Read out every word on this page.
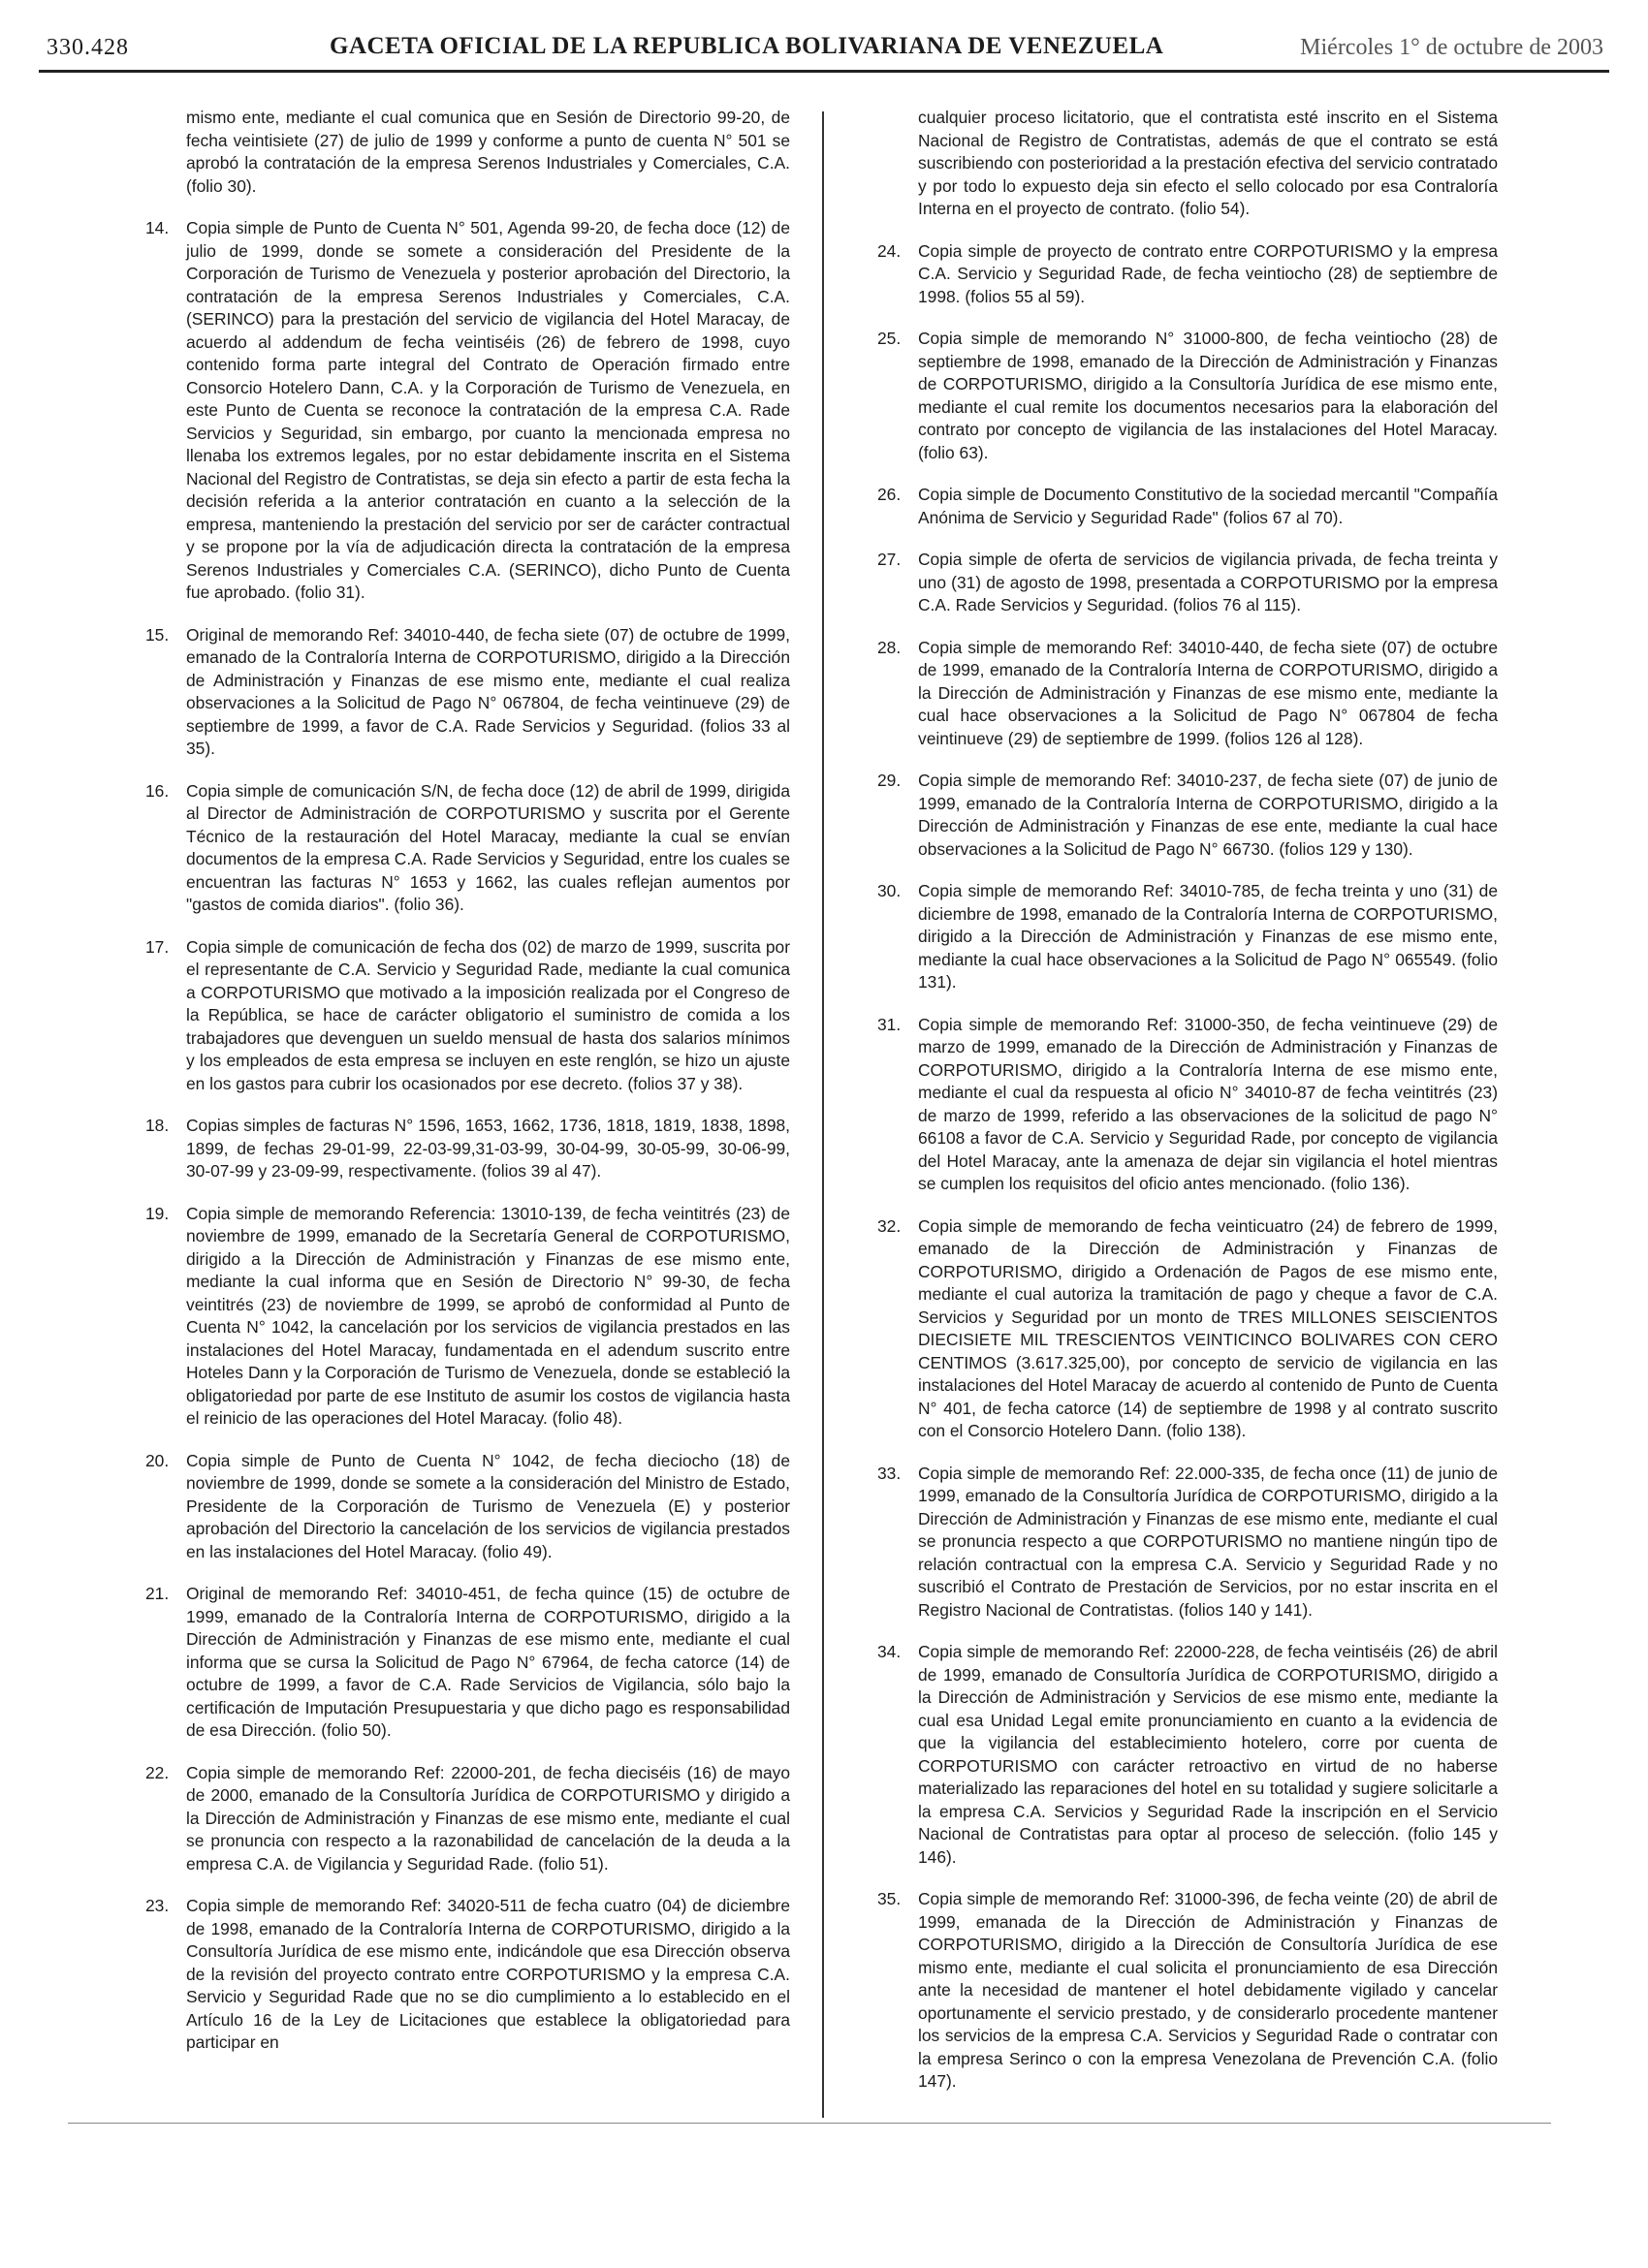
330.428	GACETA OFICIAL DE LA REPUBLICA BOLIVARIANA DE VENEZUELA	Miércoles 1° de octubre de 2003

mismo ente, mediante el cual comunica que en Sesión de Directorio 99-20, de fecha veintisiete (27) de julio de 1999 y conforme a punto de cuenta N° 501 se aprobó la contratación de la empresa Serenos Industriales y Comerciales, C.A. (folio 30).

14.	Copia simple de Punto de Cuenta N° 501, Agenda 99-20, de fecha doce (12) de julio de 1999, donde se somete a consideración del Presidente de la Corporación de Turismo de Venezuela y posterior aprobación del Directorio, la contratación de la empresa Serenos Industriales y Comerciales, C.A. (SERINCO) para la prestación del servicio de vigilancia del Hotel Maracay, de acuerdo al addendum de fecha veintiséis (26) de febrero de 1998, cuyo contenido forma parte integral del Contrato de Operación firmado entre Consorcio Hotelero Dann, C.A. y la Corporación de Turismo de Venezuela, en este Punto de Cuenta se reconoce la contratación de la empresa C.A. Rade Servicios y Seguridad, sin embargo, por cuanto la mencionada empresa no llenaba los extremos legales, por no estar debidamente inscrita en el Sistema Nacional del Registro de Contratistas, se deja sin efecto a partir de esta fecha la decisión referida a la anterior contratación en cuanto a la selección de la empresa, manteniendo la prestación del servicio por ser de carácter contractual y se propone por la vía de adjudicación directa la contratación de la empresa Serenos Industriales y Comerciales C.A. (SERINCO), dicho Punto de Cuenta fue aprobado. (folio 31).
15.	Original de memorando Ref: 34010-440, de fecha siete (07) de octubre de 1999, emanado de la Contraloría Interna de CORPOTURISMO, dirigido a la Dirección de Administración y Finanzas de ese mismo ente, mediante el cual realiza observaciones a la Solicitud de Pago N° 067804, de fecha veintinueve (29) de septiembre de 1999, a favor de C.A. Rade Servicios y Seguridad. (folios 33 al 35).
16.	Copia simple de comunicación S/N, de fecha doce (12) de abril de 1999, dirigida al Director de Administración de CORPOTURISMO y suscrita por el Gerente Técnico de la restauración del Hotel Maracay, mediante la cual se envían documentos de la empresa C.A. Rade Servicios y Seguridad, entre los cuales se encuentran las facturas N° 1653 y 1662, las cuales reflejan aumentos por "gastos de comida diarios". (folio 36).
17.	Copia simple de comunicación de fecha dos (02) de marzo de 1999, suscrita por el representante de C.A. Servicio y Seguridad Rade, mediante la cual comunica a CORPOTURISMO que motivado a la imposición realizada por el Congreso de la República, se hace de carácter obligatorio el suministro de comida a los trabajadores que devenguen un sueldo mensual de hasta dos salarios mínimos y los empleados de esta empresa se incluyen en este renglón, se hizo un ajuste en los gastos para cubrir los ocasionados por ese decreto. (folios 37 y 38).
18.	Copias simples de facturas N° 1596, 1653, 1662, 1736, 1818, 1819, 1838, 1898, 1899, de fechas 29-01-99, 22-03-99,31-03-99, 30-04-99, 30-05-99, 30-06-99, 30-07-99 y 23-09-99, respectivamente. (folios 39 al 47).
19.	Copia simple de memorando Referencia: 13010-139, de fecha veintitrés (23) de noviembre de 1999, emanado de la Secretaría General de CORPOTURISMO, dirigido a la Dirección de Administración y Finanzas de ese mismo ente, mediante la cual informa que en Sesión de Directorio N° 99-30, de fecha veintitrés (23) de noviembre de 1999, se aprobó de conformidad al Punto de Cuenta N° 1042, la cancelación por los servicios de vigilancia prestados en las instalaciones del Hotel Maracay, fundamentada en el adendum suscrito entre Hoteles Dann y la Corporación de Turismo de Venezuela, donde se estableció la obligatoriedad por parte de ese Instituto de asumir los costos de vigilancia hasta el reinicio de las operaciones del Hotel Maracay. (folio 48).
20.	Copia simple de Punto de Cuenta N° 1042, de fecha dieciocho (18) de noviembre de 1999, donde se somete a la consideración del Ministro de Estado, Presidente de la Corporación de Turismo de Venezuela (E) y posterior aprobación del Directorio la cancelación de los servicios de vigilancia prestados en las instalaciones del Hotel Maracay. (folio 49).
21.	Original de memorando Ref: 34010-451, de fecha quince (15) de octubre de 1999, emanado de la Contraloría Interna de CORPOTURISMO, dirigido a la Dirección de Administración y Finanzas de ese mismo ente, mediante el cual informa que se cursa la Solicitud de Pago N° 67964, de fecha catorce (14) de octubre de 1999, a favor de C.A. Rade Servicios de Vigilancia, sólo bajo la certificación de Imputación Presupuestaria y que dicho pago es responsabilidad de esa Dirección. (folio 50).
22.	Copia simple de memorando Ref: 22000-201, de fecha dieciséis (16) de mayo de 2000, emanado de la Consultoría Jurídica de CORPOTURISMO y dirigido a la Dirección de Administración y Finanzas de ese mismo ente, mediante el cual se pronuncia con respecto a la razonabilidad de cancelación de la deuda a la empresa C.A. de Vigilancia y Seguridad Rade. (folio 51).
23.	Copia simple de memorando Ref: 34020-511 de fecha cuatro (04) de diciembre de 1998, emanado de la Contraloría Interna de CORPOTURISMO, dirigido a la Consultoría Jurídica de ese mismo ente, indicándole que esa Dirección observa de la revisión del proyecto contrato entre CORPOTURISMO y la empresa C.A. Servicio y Seguridad Rade que no se dio cumplimiento a lo establecido en el Artículo 16 de la Ley de Licitaciones que establece la obligatoriedad para participar en

cualquier proceso licitatorio, que el contratista esté inscrito en el Sistema Nacional de Registro de Contratistas, además de que el contrato se está suscribiendo con posterioridad a la prestación efectiva del servicio contratado y por todo lo expuesto deja sin efecto el sello colocado por esa Contraloría Interna en el proyecto de contrato. (folio 54).

24.	Copia simple de proyecto de contrato entre CORPOTURISMO y la empresa C.A. Servicio y Seguridad Rade, de fecha veintiocho (28) de septiembre de 1998. (folios 55 al 59).
25.	Copia simple de memorando N° 31000-800, de fecha veintiocho (28) de septiembre de 1998, emanado de la Dirección de Administración y Finanzas de CORPOTURISMO, dirigido a la Consultoría Jurídica de ese mismo ente, mediante el cual remite los documentos necesarios para la elaboración del contrato por concepto de vigilancia de las instalaciones del Hotel Maracay. (folio 63).
26.	Copia simple de Documento Constitutivo de la sociedad mercantil "Compañía Anónima de Servicio y Seguridad Rade" (folios 67 al 70).
27.	Copia simple de oferta de servicios de vigilancia privada, de fecha treinta y uno (31) de agosto de 1998, presentada a CORPOTURISMO por la empresa C.A. Rade Servicios y Seguridad. (folios 76 al 115).
28.	Copia simple de memorando Ref: 34010-440, de fecha siete (07) de octubre de 1999, emanado de la Contraloría Interna de CORPOTURISMO, dirigido a la Dirección de Administración y Finanzas de ese mismo ente, mediante la cual hace observaciones a la Solicitud de Pago N° 067804 de fecha veintinueve (29) de septiembre de 1999. (folios 126 al 128).
29.	Copia simple de memorando Ref: 34010-237, de fecha siete (07) de junio de 1999, emanado de la Contraloría Interna de CORPOTURISMO, dirigido a la Dirección de Administración y Finanzas de ese ente, mediante la cual hace observaciones a la Solicitud de Pago N° 66730. (folios 129 y 130).
30.	Copia simple de memorando Ref: 34010-785, de fecha treinta y uno (31) de diciembre de 1998, emanado de la Contraloría Interna de CORPOTURISMO, dirigido a la Dirección de Administración y Finanzas de ese mismo ente, mediante la cual hace observaciones a la Solicitud de Pago N° 065549. (folio 131).
31.	Copia simple de memorando Ref: 31000-350, de fecha veintinueve (29) de marzo de 1999, emanado de la Dirección de Administración y Finanzas de CORPOTURISMO, dirigido a la Contraloría Interna de ese mismo ente, mediante el cual da respuesta al oficio N° 34010-87 de fecha veintitrés (23) de marzo de 1999, referido a las observaciones de la solicitud de pago N° 66108 a favor de C.A. Servicio y Seguridad Rade, por concepto de vigilancia del Hotel Maracay, ante la amenaza de dejar sin vigilancia el hotel mientras se cumplen los requisitos del oficio antes mencionado. (folio 136).
32.	Copia simple de memorando de fecha veinticuatro (24) de febrero de 1999, emanado de la Dirección de Administración y Finanzas de CORPOTURISMO, dirigido a Ordenación de Pagos de ese mismo ente, mediante el cual autoriza la tramitación de pago y cheque a favor de C.A. Servicios y Seguridad por un monto de TRES MILLONES SEISCIENTOS DIECISIETE MIL TRESCIENTOS VEINTICINCO BOLIVARES CON CERO CENTIMOS (3.617.325,00), por concepto de servicio de vigilancia en las instalaciones del Hotel Maracay de acuerdo al contenido de Punto de Cuenta N° 401, de fecha catorce (14) de septiembre de 1998 y al contrato suscrito con el Consorcio Hotelero Dann. (folio 138).
33.	Copia simple de memorando Ref: 22.000-335, de fecha once (11) de junio de 1999, emanado de la Consultoría Jurídica de CORPOTURISMO, dirigido a la Dirección de Administración y Finanzas de ese mismo ente, mediante el cual se pronuncia respecto a que CORPOTURISMO no mantiene ningún tipo de relación contractual con la empresa C.A. Servicio y Seguridad Rade y no suscribió el Contrato de Prestación de Servicios, por no estar inscrita en el Registro Nacional de Contratistas. (folios 140 y 141).
34.	Copia simple de memorando Ref: 22000-228, de fecha veintiséis (26) de abril de 1999, emanado de Consultoría Jurídica de CORPOTURISMO, dirigido a la Dirección de Administración y Servicios de ese mismo ente, mediante la cual esa Unidad Legal emite pronunciamiento en cuanto a la evidencia de que la vigilancia del establecimiento hotelero, corre por cuenta de CORPOTURISMO con carácter retroactivo en virtud de no haberse materializado las reparaciones del hotel en su totalidad y sugiere solicitarle a la empresa C.A. Servicios y Seguridad Rade la inscripción en el Servicio Nacional de Contratistas para optar al proceso de selección. (folio 145 y 146).
35.	Copia simple de memorando Ref: 31000-396, de fecha veinte (20) de abril de 1999, emanada de la Dirección de Administración y Finanzas de CORPOTURISMO, dirigido a la Dirección de Consultoría Jurídica de ese mismo ente, mediante el cual solicita el pronunciamiento de esa Dirección ante la necesidad de mantener el hotel debidamente vigilado y cancelar oportunamente el servicio prestado, y de considerarlo procedente mantener los servicios de la empresa C.A. Servicios y Seguridad Rade o contratar con la empresa Serinco o con la empresa Venezolana de Prevención C.A. (folio 147).
